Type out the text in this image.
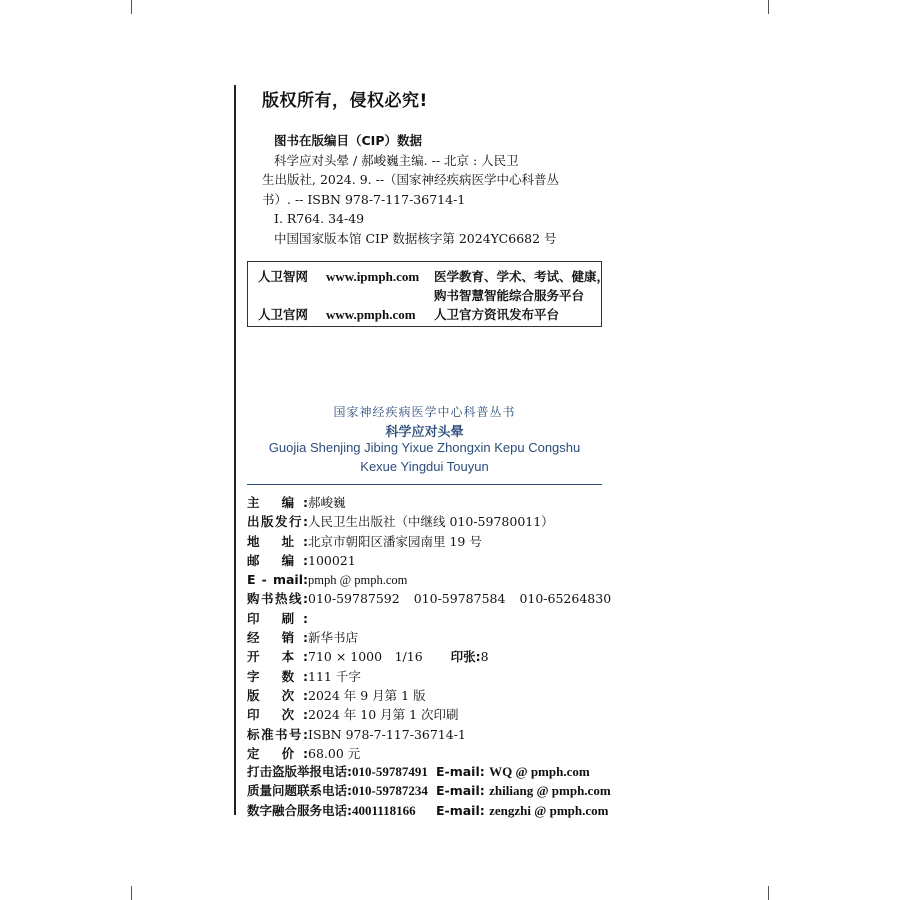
版权所有，侵权必究!
图书在版编目（CIP）数据
科学应对头晕 / 郝峻巍主编. -- 北京 : 人民卫
生出版社, 2024. 9. --（国家神经疾病医学中心科普丛
书）. -- ISBN 978-7-117-36714-1
Ⅰ. R764. 34-49
中国国家版本馆 CIP 数据核字第 2024YC6682 号
人卫智网 www.ipmph.com 医学教育、学术、考试、健康，
购书智慧智能综合服务平台
人卫官网 www.pmph.com 人卫官方资讯发布平台
国家神经疾病医学中心科普丛书
科学应对头晕
Guojia Shenjing Jibing Yixue Zhongxin Kepu Congshu
Kexue Yingdui Touyun
主 编:郝峻巍
出版发行:人民卫生出版社（中继线 010-59780011）
地 址:北京市朝阳区潘家园南里 19 号
邮 编:100021
E - mail:pmph @ pmph.com
购书热线:010-59787592 010-59787584 010-65264830
印 刷:
经 销:新华书店
开 本:710 × 1000　1/16 印张:8
字 数:111 千字
版 次:2024 年 9 月第 1 版
印 次:2024 年 10 月第 1 次印刷
标准书号:ISBN 978-7-117-36714-1
定 价:68.00 元
打击盗版举报电话:010-59787491 E-mail: WQ @ pmph.com
质量问题联系电话:010-59787234 E-mail: zhiliang @ pmph.com
数字融合服务电话:4001118166 E-mail: zengzhi @ pmph.com
